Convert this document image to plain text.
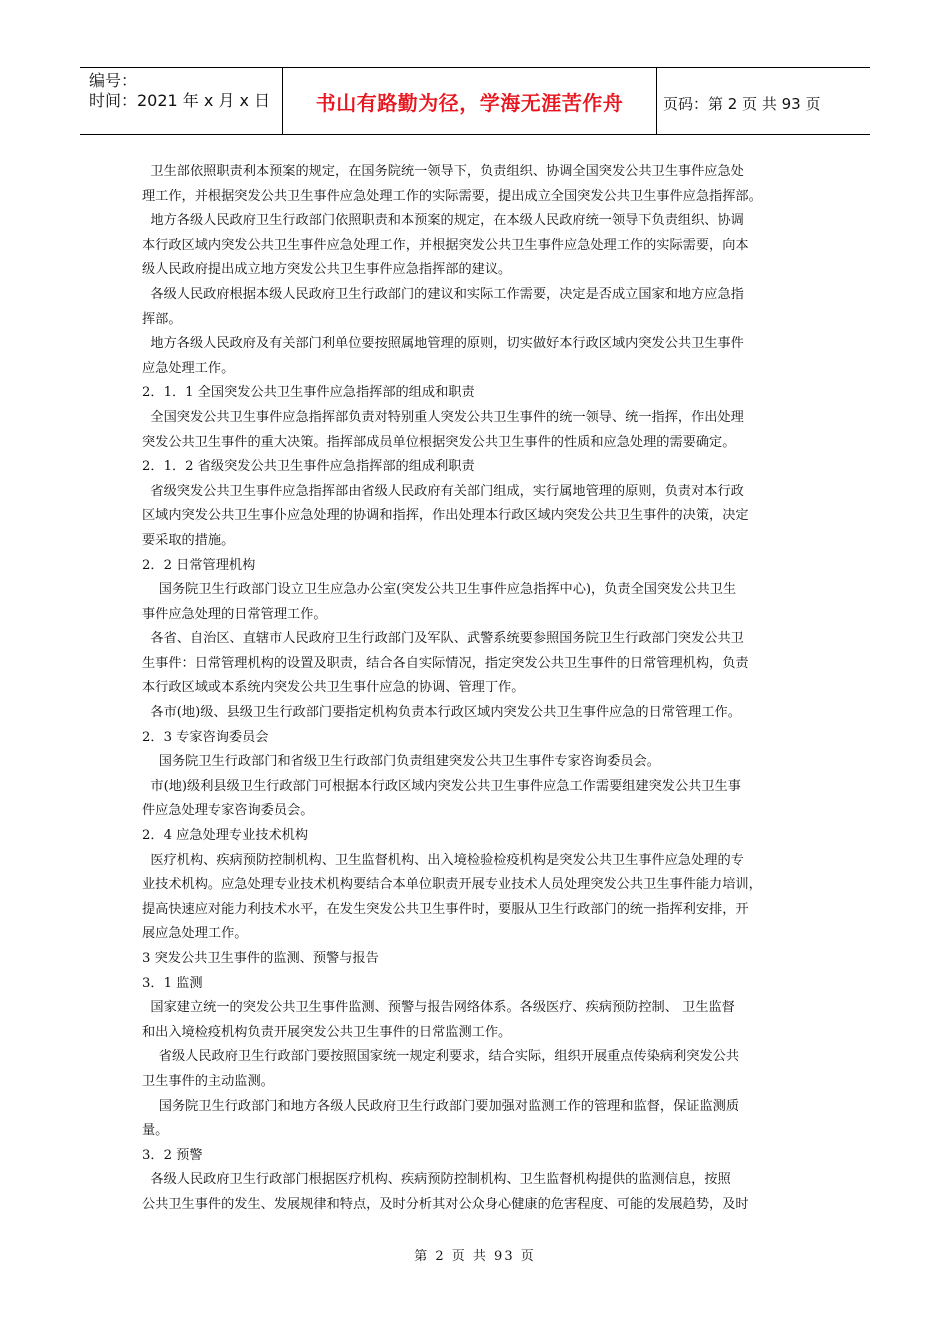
编号：
时间：2021 年 x 月 x 日	书山有路勤为径，学海无涯苦作舟	页码：第 2 页 共 93 页
卫生部依照职责利本预案的规定，在国务院统一领导下，负责组织、协调全国突发公共卫生事件应急处
理工作，并根据突发公共卫生事件应急处理工作的实际需要，提出成立全国突发公共卫生事件应急指挥部。
地方各级人民政府卫生行政部门依照职责和本预案的规定，在本级人民政府统一领导下负责组织、协调
本行政区域内突发公共卫生事件应急处理工作，并根据突发公共卫生事件应急处理工作的实际需要，向本
级人民政府提出成立地方突发公共卫生事件应急指挥部的建议。
各级人民政府根据本级人民政府卫生行政部门的建议和实际工作需要，决定是否成立国家和地方应急指
挥部。
地方各级人民政府及有关部门利单位要按照属地管理的原则，切实做好本行政区域内突发公共卫生事件
应急处理工作。
2．1．1 全国突发公共卫生事件应急指挥部的组成和职责
全国突发公共卫生事件应急指挥部负责对特别重人突发公共卫生事件的统一领导、统一指挥，作出处理
突发公共卫生事件的重大决策。指挥部成员单位根据突发公共卫生事件的性质和应急处理的需要确定。
2．1．2 省级突发公共卫生事件应急指挥部的组成利职责
省级突发公共卫生事件应急指挥部由省级人民政府有关部门组成，实行属地管理的原则，负责对本行政
区域内突发公共卫生事仆应急处理的协调和指挥，作出处理本行政区域内突发公共卫生事件的决策，决定
要采取的措施。
2．2 日常管理机构
国务院卫生行政部门设立卫生应急办公室(突发公共卫生事件应急指挥中心)，负责全国突发公共卫生
事件应急处理的日常管理工作。
各省、自治区、直辖市人民政府卫生行政部门及军队、武警系统要参照国务院卫生行政部门突发公共卫
生事件：日常管理机构的设置及职责，结合各自实际情况，指定突发公共卫生事件的日常管理机构，负责
本行政区域或本系统内突发公共卫生事什应急的协调、管理丁作。
各市(地)级、县级卫生行政部门要指定机构负责本行政区域内突发公共卫生事件应急的日常管理工作。
2．3 专家咨询委员会
国务院卫生行政部门和省级卫生行政部门负责组建突发公共卫生事件专家咨询委员会。
市(地)级利县级卫生行政部门可根据本行政区域内突发公共卫生事件应急工作需要组建突发公共卫生事
件应急处理专家咨询委员会。
2．4 应急处理专业技术机构
医疗机构、疾病预防控制机构、卫生监督机构、出入境检验检疫机构是突发公共卫生事件应急处理的专
业技术机构。应急处理专业技术机构要结合本单位职责开展专业技术人员处理突发公共卫生事件能力培训，
提高快速应对能力利技术水平，在发生突发公共卫生事件时，要服从卫生行政部门的统一指挥利安排，开
展应急处理工作。
3 突发公共卫生事件的监测、预警与报告
3．1 监测
国家建立统一的突发公共卫生事件监测、预警与报告网络体系。各级医疗、疾病预防控制、 卫生监督
和出入境检疫机构负责开展突发公共卫生事件的日常监测工作。
省级人民政府卫生行政部门要按照国家统一规定利要求，结合实际，组织开展重点传染病利突发公共
卫生事件的主动监测。
国务院卫生行政部门和地方各级人民政府卫生行政部门要加强对监测工作的管理和监督，保证监测质
量。
3．2 预警
各级人民政府卫生行政部门根据医疗机构、疾病预防控制机构、卫生监督机构提供的监测信息，按照
公共卫生事件的发生、发展规律和特点，及时分析其对公众身心健康的危害程度、可能的发展趋势，及时
第 2 页 共 93 页
